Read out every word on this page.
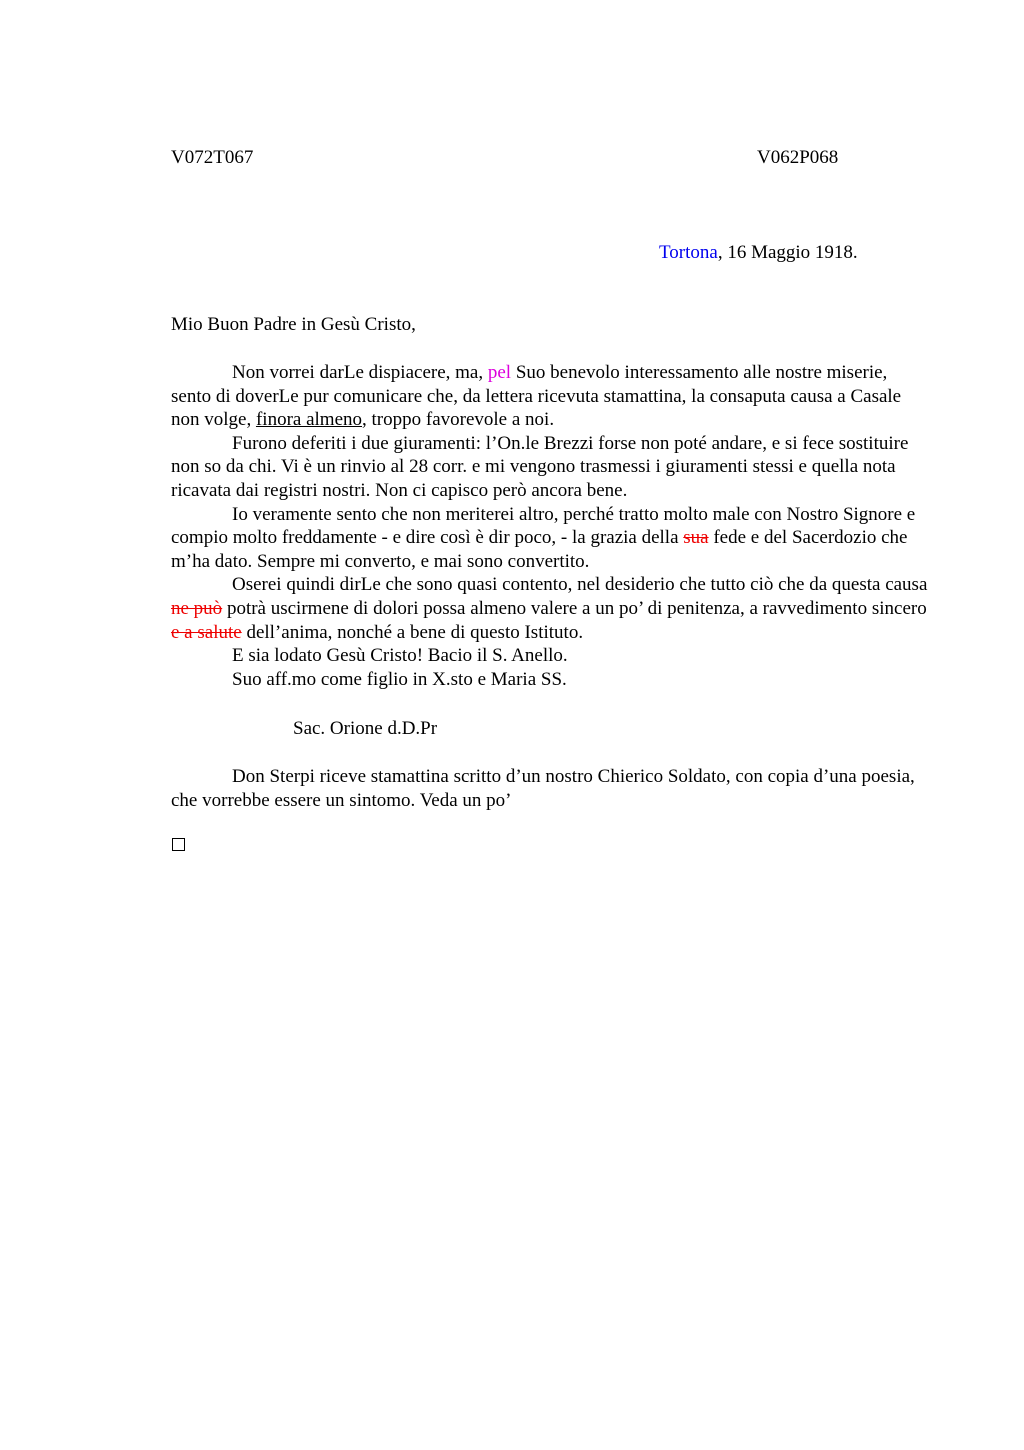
V072T067	V062P068

Tortona, 16 Maggio 1918.

Mio Buon Padre in Gesù Cristo,

Non vorrei darLe dispiacere, ma, pel Suo benevolo interessamento alle nostre miserie, sento di doverLe pur comunicare che, da lettera ricevuta stamattina, la consaputa causa a Casale non volge, finora almeno, troppo favorevole a noi.

Furono deferiti i due giuramenti: l’On.le Brezzi forse non poté andare, e si fece sostituire non so da chi. Vi è un rinvio al 28 corr. e mi vengono trasmessi i giuramenti stessi e quella nota ricavata dai registri nostri. Non ci capisco però ancora bene.

Io veramente sento che non meriterei altro, perché tratto molto male con Nostro Signore e compio molto freddamente - e dire così è dir poco, - la grazia della sua fede e del Sacerdozio che m’ha dato. Sempre mi converto, e mai sono convertito.

Oserei quindi dirLe che sono quasi contento, nel desiderio che tutto ciò che da questa causa ne può potrà uscirmene di dolori possa almeno valere a un po’ di penitenza, a ravvedimento sincero e a salute dell’anima, nonché a bene di questo Istituto.

E sia lodato Gesù Cristo! Bacio il S. Anello.

Suo aff.mo come figlio in X.sto e Maria SS.

Sac. Orione d.D.Pr

Don Sterpi riceve stamattina scritto d’un nostro Chierico Soldato, con copia d’una poesia, che vorrebbe essere un sintomo. Veda un po’
